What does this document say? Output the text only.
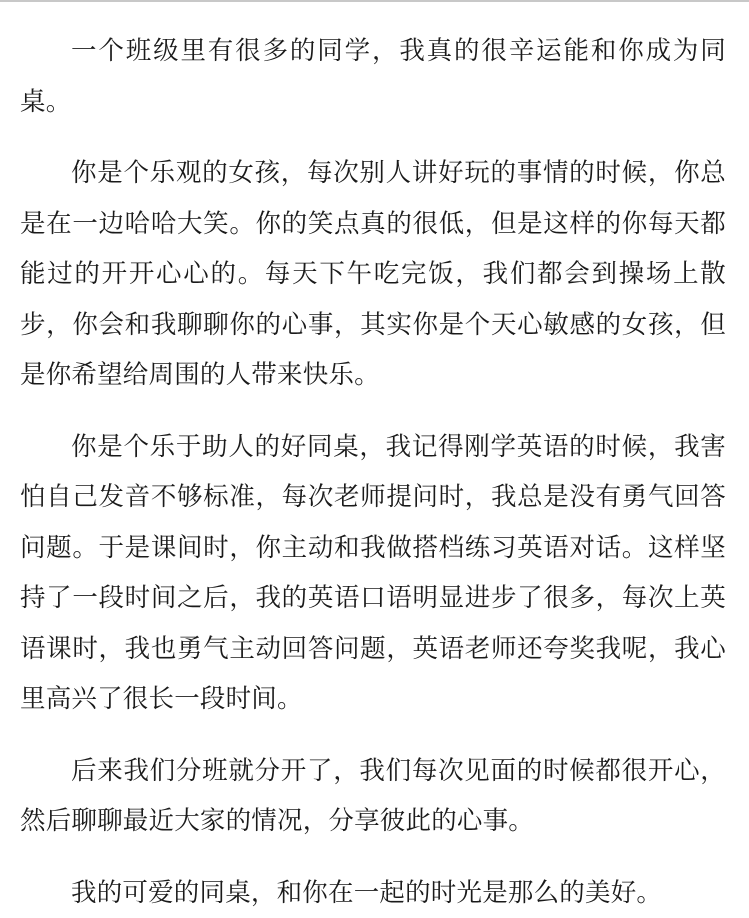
一个班级里有很多的同学，我真的很辛运能和你成为同桌。

你是个乐观的女孩，每次别人讲好玩的事情的时候，你总是在一边哈哈大笑。你的笑点真的很低，但是这样的你每天都能过的开开心心的。每天下午吃完饭，我们都会到操场上散步，你会和我聊聊你的心事，其实你是个天心敏感的女孩，但是你希望给周围的人带来快乐。

你是个乐于助人的好同桌，我记得刚学英语的时候，我害怕自己发音不够标准，每次老师提问时，我总是没有勇气回答问题。于是课间时，你主动和我做搭档练习英语对话。这样坚持了一段时间之后，我的英语口语明显进步了很多，每次上英语课时，我也勇气主动回答问题，英语老师还夸奖我呢，我心里高兴了很长一段时间。

后来我们分班就分开了，我们每次见面的时候都很开心，然后聊聊最近大家的情况，分享彼此的心事。

我的可爱的同桌，和你在一起的时光是那么的美好。
